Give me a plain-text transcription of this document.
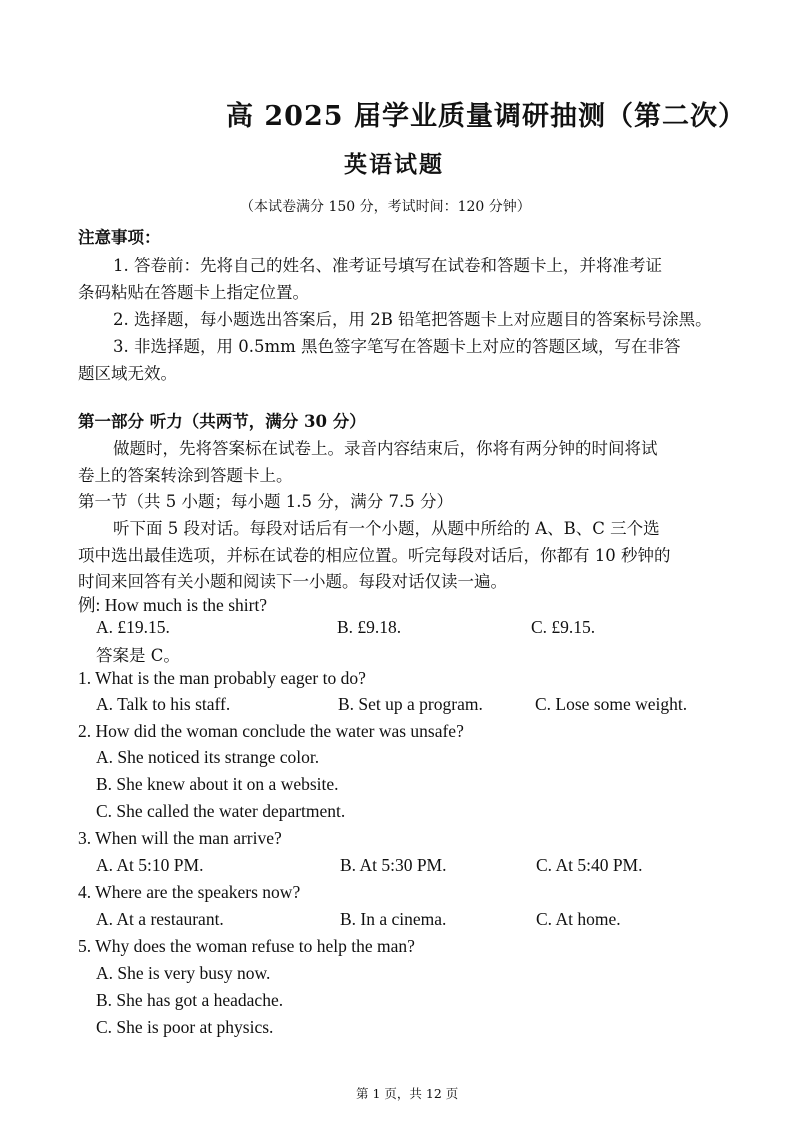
高 2025 届学业质量调研抽测（第二次）
英语试题
（本试卷满分 150 分，考试时间：120 分钟）
注意事项：
1. 答卷前：先将自己的姓名、准考证号填写在试卷和答题卡上，并将准考证
条码粘贴在答题卡上指定位置。
2. 选择题，每小题选出答案后，用 2B 铅笔把答题卡上对应题目的答案标号涂黑。
3. 非选择题，用 0.5mm 黑色签字笔写在答题卡上对应的答题区域，写在非答
题区域无效。
第一部分 听力（共两节，满分 30 分）
做题时，先将答案标在试卷上。录音内容结束后，你将有两分钟的时间将试
卷上的答案转涂到答题卡上。
第一节（共 5 小题；每小题 1.5 分，满分 7.5 分）
听下面 5 段对话。每段对话后有一个小题，从题中所给的 A、B、C 三个选
项中选出最佳选项，并标在试卷的相应位置。听完每段对话后，你都有 10 秒钟的
时间来回答有关小题和阅读下一小题。每段对话仅读一遍。
例: How much is the shirt?
A. £19.15.	B. £9.18.	C. £9.15.
答案是 C。
1. What is the man probably eager to do?
A. Talk to his staff.	B. Set up a program.	C. Lose some weight.
2. How did the woman conclude the water was unsafe?
A. She noticed its strange color.
B. She knew about it on a website.
C. She called the water department.
3. When will the man arrive?
A. At 5:10 PM.	B. At 5:30 PM.	C. At 5:40 PM.
4. Where are the speakers now?
A. At a restaurant.	B. In a cinema.	C. At home.
5. Why does the woman refuse to help the man?
A. She is very busy now.
B. She has got a headache.
C. She is poor at physics.
第 1 页，共 12 页
